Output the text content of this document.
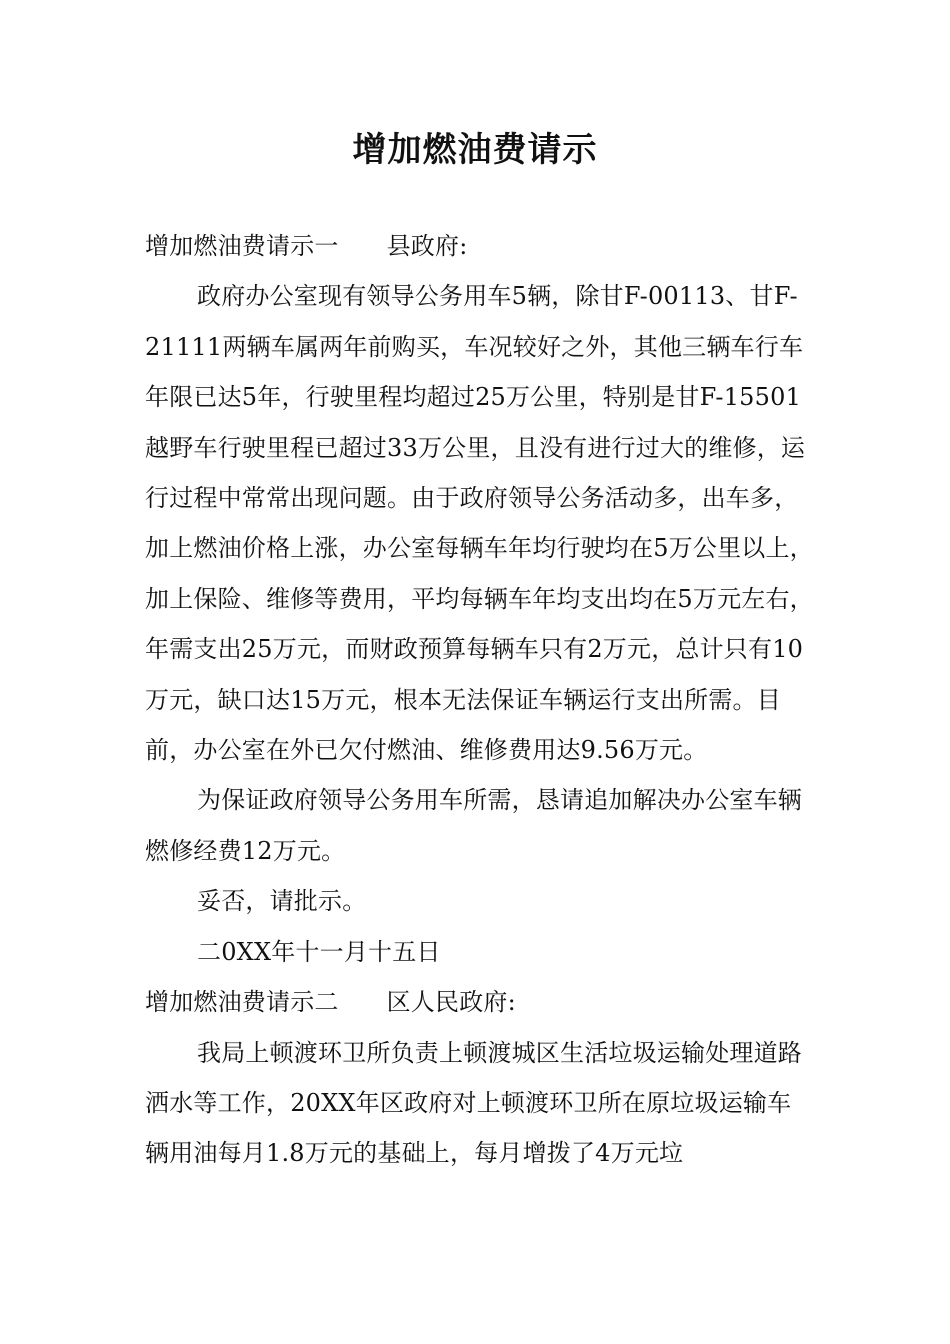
增加燃油费请示

增加燃油费请示一 县政府:

政府办公室现有领导公务用车5辆，除甘F-00113、甘F-21111两辆车属两年前购买，车况较好之外，其他三辆车行车年限已达5年，行驶里程均超过25万公里，特别是甘F-15501越野车行驶里程已超过33万公里，且没有进行过大的维修，运行过程中常常出现问题。由于政府领导公务活动多，出车多，加上燃油价格上涨，办公室每辆车年均行驶均在5万公里以上，加上保险、维修等费用，平均每辆车年均支出均在5万元左右，年需支出25万元，而财政预算每辆车只有2万元，总计只有10万元，缺口达15万元，根本无法保证车辆运行支出所需。目前，办公室在外已欠付燃油、维修费用达9.56万元。

为保证政府领导公务用车所需，恳请追加解决办公室车辆燃修经费12万元。

妥否，请批示。

二0XX年十一月十五日

增加燃油费请示二 区人民政府:

我局上顿渡环卫所负责上顿渡城区生活垃圾运输处理道路洒水等工作，20XX年区政府对上顿渡环卫所在原垃圾运输车辆用油每月1.8万元的基础上，每月增拨了4万元垃
